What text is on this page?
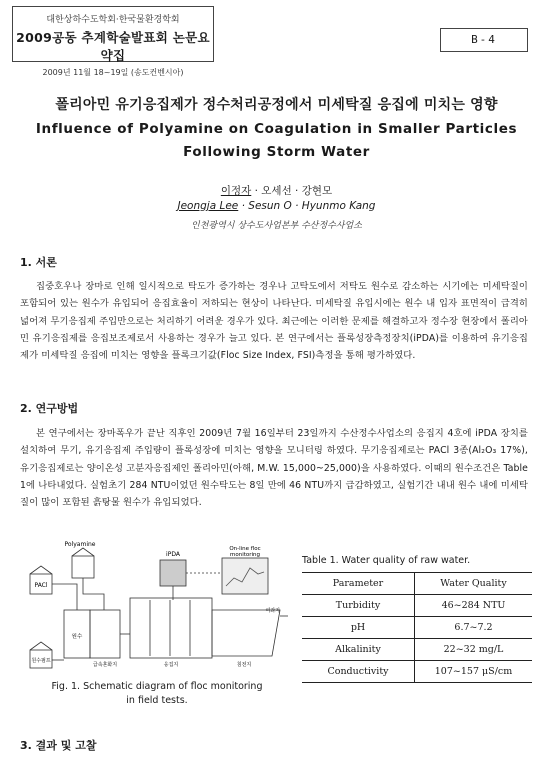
대한상하수도학회·한국물환경학회
2009공동 추계학술발표회 논문요약집
2009년 11월 18~19일 (송도컨벤시아)
B-4
폴리아민 유기응집제가 정수처리공정에서 미세탁질 응집에 미치는 영향
Influence of Polyamine on Coagulation in Smaller Particles
Following Storm Water
이정자 · 오세선 · 강현모
Jeongja Lee · Sesun O · Hyunmo Kang
인천광역시 상수도사업본부 수산정수사업소
1. 서론
집중호우나 장마로 인해 일시적으로 탁도가 증가하는 경우나 고탁도에서 저탁도 원수로 감소하는 시기에는 미세탁질이 포함되어 있는 원수가 유입되어 응집효율이 저하되는 현상이 나타난다. 미세탁질 유입시에는 원수 내 입자 표면적이 급격히 넓어져 무기응집제 주입만으로는 처리하기 어려운 경우가 있다. 최근에는 이러한 문제를 해결하고자 정수장 현장에서 폴리아민 유기응집제를 응집보조제로서 사용하는 경우가 늘고 있다. 본 연구에서는 플록성장측정장치(iPDA)를 이용하여 유기응집제가 미세탁질 응집에 미치는 영향을 플록크기값(Floc Size Index, FSI)측정을 통해 평가하였다.
2. 연구방법
본 연구에서는 장마폭우가 끝난 직후인 2009년 7월 16일부터 23일까지 수산정수사업소의 응집지 4호에 iPDA 장치를 설치하여 무기, 유기응집제 주입량이 플록성장에 미치는 영향을 모니터링 하였다. 무기응집제로는 PACl 3종(Al₂O₃ 17%), 유기응집제로는 양이온성 고분자응집제인 폴리아민(아해, M.W. 15,000~25,000)을 사용하였다. 이때의 원수조건은 Table 1에 나타내었다. 실험초기 284 NTU이었던 원수탁도는 8일 만에 46 NTU까지 급감하였고, 실험기간 내내 원수 내에 미세탁질이 많이 포함된 흙탕물 원수가 유입되었다.
Polyamine
iPDA
On-line floc
monitoring
PACl
원수
급속혼화지	응집지	침전지
여과지
원수펌프
Fig. 1. Schematic diagram of floc monitoring
in field tests.
Table 1. Water quality of raw water.
Parameter	Water Quality
Turbidity	46~284 NTU
pH	6.7~7.2
Alkalinity	22~32 mg/L
Conductivity	107~157 μS/cm
3. 결과 및 고찰
